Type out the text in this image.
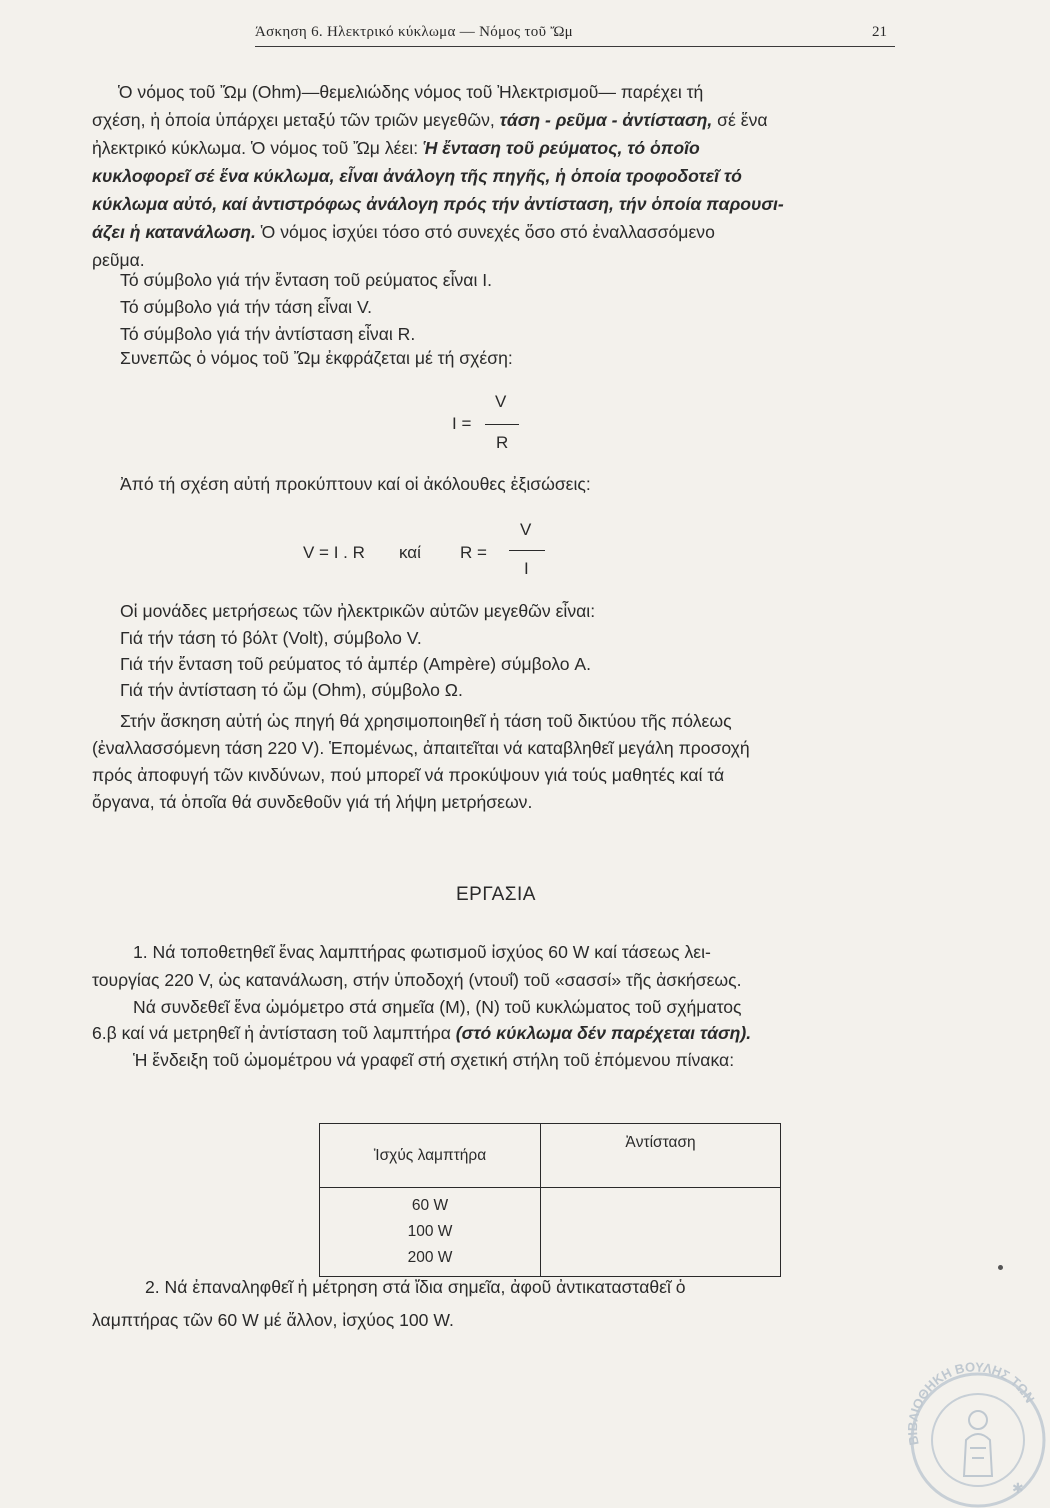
Άσκηση 6. Ηλεκτρικό κύκλωμα — Νόμος τοῦ Ὤμ	21
Ὁ νόμος τοῦ Ὤμ (Ohm)—θεμελιώδης νόμος τοῦ Ἠλεκτρισμοῦ— παρέχει τή
σχέση, ἡ ὁποία ὑπάρχει μεταξύ τῶν τριῶν μεγεθῶν, τάση - ρεῦμα - ἀντίσταση, σέ ἕνα
ἠλεκτρικό κύκλωμα. Ὁ νόμος τοῦ Ὤμ λέει: Ἡ ἔνταση τοῦ ρεύματος, τό ὁποῖο
κυκλοφορεῖ σέ ἕνα κύκλωμα, εἶναι ἀνάλογη τῆς πηγῆς, ἡ ὁποία τροφοδοτεῖ τό
κύκλωμα αὐτό, καί ἀντιστρόφως ἀνάλογη πρός τήν ἀντίσταση, τήν ὁποία παρουσι-
άζει ἡ κατανάλωση. Ὁ νόμος ἰσχύει τόσο στό συνεχές ὅσο στό ἐναλλασσόμενο
ρεῦμα.
Τό σύμβολο γιά τήν ἔνταση τοῦ ρεύματος εἶναι I.
Τό σύμβολο γιά τήν τάση εἶναι V.
Τό σύμβολο γιά τήν ἀντίσταση εἶναι R.
Συνεπῶς ὁ νόμος τοῦ Ὤμ ἐκφράζεται μέ τή σχέση:
I =
V
R
Ἀπό τή σχέση αὐτή προκύπτουν καί οἱ ἀκόλουθες ἐξισώσεις:
V = I . R καί R =
V
I
Οἱ μονάδες μετρήσεως τῶν ἠλεκτρικῶν αὐτῶν μεγεθῶν εἶναι:
Γιά τήν τάση τό βόλτ (Volt), σύμβολο V.
Γιά τήν ἔνταση τοῦ ρεύματος τό ἀμπέρ (Ampère) σύμβολο A.
Γιά τήν ἀντίσταση τό ὤμ (Ohm), σύμβολο Ω.
Στήν ἄσκηση αὐτή ὡς πηγή θά χρησιμοποιηθεῖ ἡ τάση τοῦ δικτύου τῆς πόλεως
(ἐναλλασσόμενη τάση 220 V). Ἑπομένως, ἀπαιτεῖται νά καταβληθεῖ μεγάλη προσοχή
πρός ἀποφυγή τῶν κινδύνων, πού μπορεῖ νά προκύψουν γιά τούς μαθητές καί τά
ὄργανα, τά ὁποῖα θά συνδεθοῦν γιά τή λήψη μετρήσεων.
ΕΡΓΑΣΙΑ
1. Νά τοποθετηθεῖ ἕνας λαμπτήρας φωτισμοῦ ἰσχύος 60 W καί τάσεως λει-
τουργίας 220 V, ὡς κατανάλωση, στήν ὑποδοχή (ντουΐ) τοῦ «σασσί» τῆς ἀσκήσεως.
Νά συνδεθεῖ ἕνα ὠμόμετρο στά σημεῖα (Μ), (Ν) τοῦ κυκλώματος τοῦ σχήματος
6.β καί νά μετρηθεῖ ἡ ἀντίσταση τοῦ λαμπτήρα (στό κύκλωμα δέν παρέχεται τάση).
Ἡ ἔνδειξη τοῦ ὠμομέτρου νά γραφεῖ στή σχετική στήλη τοῦ ἑπόμενου πίνακα:
Ἰσχύς λαμπτήρα	Ἀντίσταση

60 W
100 W
200 W	

2. Νά ἐπαναληφθεῖ ἡ μέτρηση στά ἴδια σημεῖα, ἀφοῦ ἀντικατασταθεῖ ὁ
λαμπτήρας τῶν 60 W μέ ἄλλον, ἰσχύος 100 W.
ΒΙΒΛΙΟΘΗΚΗ ΒΟΥΛΗΣ ΤΩΝ
✱
